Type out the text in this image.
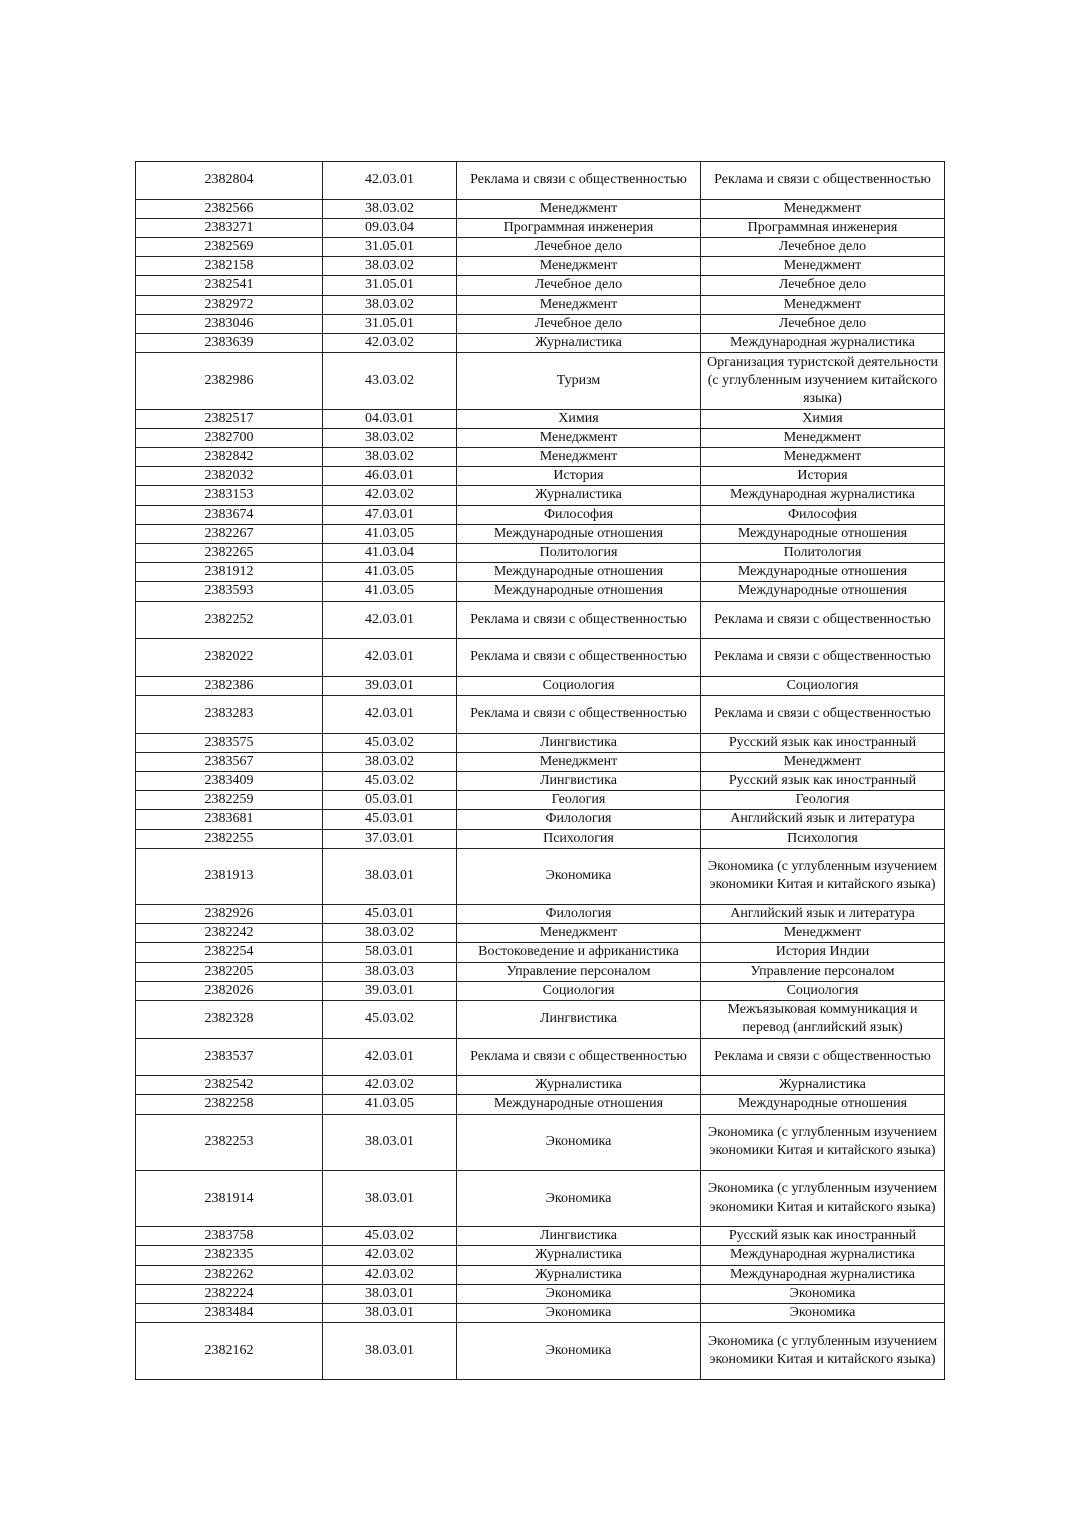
2382804	42.03.01	Реклама и связи с общественностью	Реклама и связи с общественностью
2382566	38.03.02	Менеджмент	Менеджмент
2383271	09.03.04	Программная инженерия	Программная инженерия
2382569	31.05.01	Лечебное дело	Лечебное дело
2382158	38.03.02	Менеджмент	Менеджмент
2382541	31.05.01	Лечебное дело	Лечебное дело
2382972	38.03.02	Менеджмент	Менеджмент
2383046	31.05.01	Лечебное дело	Лечебное дело
2383639	42.03.02	Журналистика	Международная журналистика
2382986	43.03.02	Туризм	Организация туристской деятельности (с углубленным изучением китайского языка)
2382517	04.03.01	Химия	Химия
2382700	38.03.02	Менеджмент	Менеджмент
2382842	38.03.02	Менеджмент	Менеджмент
2382032	46.03.01	История	История
2383153	42.03.02	Журналистика	Международная журналистика
2383674	47.03.01	Философия	Философия
2382267	41.03.05	Международные отношения	Международные отношения
2382265	41.03.04	Политология	Политология
2381912	41.03.05	Международные отношения	Международные отношения
2383593	41.03.05	Международные отношения	Международные отношения
2382252	42.03.01	Реклама и связи с общественностью	Реклама и связи с общественностью
2382022	42.03.01	Реклама и связи с общественностью	Реклама и связи с общественностью
2382386	39.03.01	Социология	Социология
2383283	42.03.01	Реклама и связи с общественностью	Реклама и связи с общественностью
2383575	45.03.02	Лингвистика	Русский язык как иностранный
2383567	38.03.02	Менеджмент	Менеджмент
2383409	45.03.02	Лингвистика	Русский язык как иностранный
2382259	05.03.01	Геология	Геология
2383681	45.03.01	Филология	Английский язык и литература
2382255	37.03.01	Психология	Психология
2381913	38.03.01	Экономика	Экономика (с углубленным изучением экономики Китая и китайского языка)
2382926	45.03.01	Филология	Английский язык и литература
2382242	38.03.02	Менеджмент	Менеджмент
2382254	58.03.01	Востоковедение и африканистика	История Индии
2382205	38.03.03	Управление персоналом	Управление персоналом
2382026	39.03.01	Социология	Социология
2382328	45.03.02	Лингвистика	Межъязыковая коммуникация и перевод (английский язык)
2383537	42.03.01	Реклама и связи с общественностью	Реклама и связи с общественностью
2382542	42.03.02	Журналистика	Журналистика
2382258	41.03.05	Международные отношения	Международные отношения
2382253	38.03.01	Экономика	Экономика (с углубленным изучением экономики Китая и китайского языка)
2381914	38.03.01	Экономика	Экономика (с углубленным изучением экономики Китая и китайского языка)
2383758	45.03.02	Лингвистика	Русский язык как иностранный
2382335	42.03.02	Журналистика	Международная журналистика
2382262	42.03.02	Журналистика	Международная журналистика
2382224	38.03.01	Экономика	Экономика
2383484	38.03.01	Экономика	Экономика
2382162	38.03.01	Экономика	Экономика (с углубленным изучением экономики Китая и китайского языка)
